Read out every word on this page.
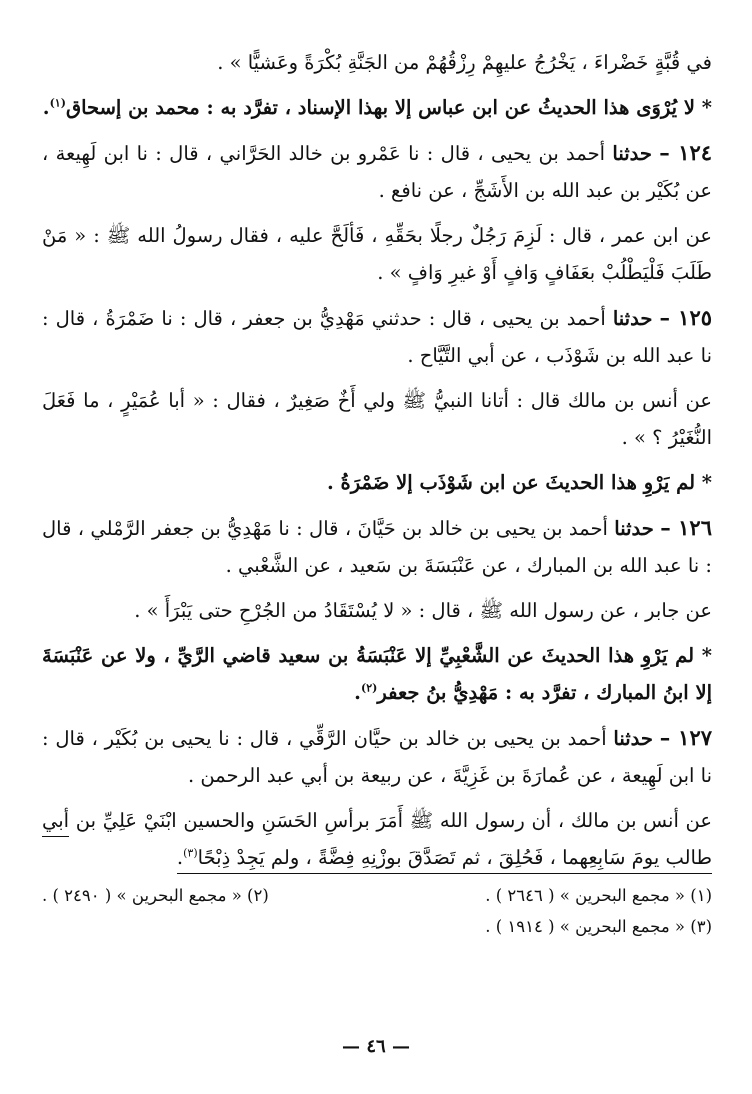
في قُبَّةٍ خَضْراءَ ، يَخْرُجُ عليهِمْ رِزْقُهُمْ من الجَنَّةِ بُكْرَةً وعَشيًّا » .

* لا يُرْوَى هذا الحديثُ عن ابن عباس إلا بهذا الإسناد ، تفرَّد به : محمد بن إسحاق$^{(١)}$.

١٢٤ – حدثنا أحمد بن يحيى ، قال : نا عَمْرو بن خالد الحَرَّاني ، قال : نا ابن لَهِيعة ، عن بُكَيْر بن عبد الله بن الأَشَجِّ ، عن نافع .

عن ابن عمر ، قال : لَزِمَ رَجُلٌ رجلًا بحَقِّهِ ، فَألَحَّ عليه ، فقال رسولُ الله ﷺ : « مَنْ طَلَبَ فَلْيَطْلُبْ بعَفَافٍ وَافٍ أَوْ غيرِ وَافٍ » .

١٢٥ – حدثنا أحمد بن يحيى ، قال : حدثني مَهْدِيُّ بن جعفر ، قال : نا ضَمْرَةُ ، قال : نا عبد الله بن شَوْذَب ، عن أبي التَّيَّاح .

عن أنس بن مالك قال : أتانا النبيُّ ﷺ ولي أَخٌ صَغِيرٌ ، فقال : « أبا عُمَيْرٍ ، ما فَعَلَ النُّغَيْرُ ؟ » .

* لم يَرْوِ هذا الحديثَ عن ابن شَوْذَب إلا ضَمْرَةُ .

١٢٦ – حدثنا أحمد بن يحيى بن خالد بن حَيَّانَ ، قال : نا مَهْدِيُّ بن جعفر الرَّمْلي ، قال : نا عبد الله بن المبارك ، عن عَنْبَسَةَ بن سَعيد ، عن الشَّعْبي .

عن جابر ، عن رسول الله ﷺ ، قال : « لا يُسْتَقَادُ من الجُرْحِ حتى يَبْرَأَ » .

* لم يَرْوِ هذا الحديثَ عن الشَّعْبِيِّ إلا عَنْبَسَةُ بن سعيد قاضي الرَّيِّ ، ولا عن عَنْبَسَةَ إلا ابنُ المبارك ، تفرَّد به : مَهْدِيُّ بنُ جعفر$^{(٢)}$.

١٢٧ – حدثنا أحمد بن يحيى بن خالد بن حيَّان الرَّقِّي ، قال : نا يحيى بن بُكَيْر ، قال : نا ابن لَهِيعة ، عن عُمارَةَ بن غَزِيَّةَ ، عن ربيعة بن أبي عبد الرحمن .

عن أنس بن مالك ، أن رسول الله ﷺ أَمَرَ برأسِ الحَسَنِ والحسين ابْنَيْ عَلِيِّ بن أبي طالب يومَ سَابِعِهما ، فَحُلِقَ ، ثم تَصَدَّقَ بوزْنِهِ فِضَّةً ، ولم يَجِدْ ذِبْحًا$^{(٣)}$.

(١) « مجمع البحرين » ( ٢٦٤٦ ) .
(٢) « مجمع البحرين » ( ٢٤٩٠ ) .
(٣) « مجمع البحرين » ( ١٩١٤ ) .
— ٤٦ —
